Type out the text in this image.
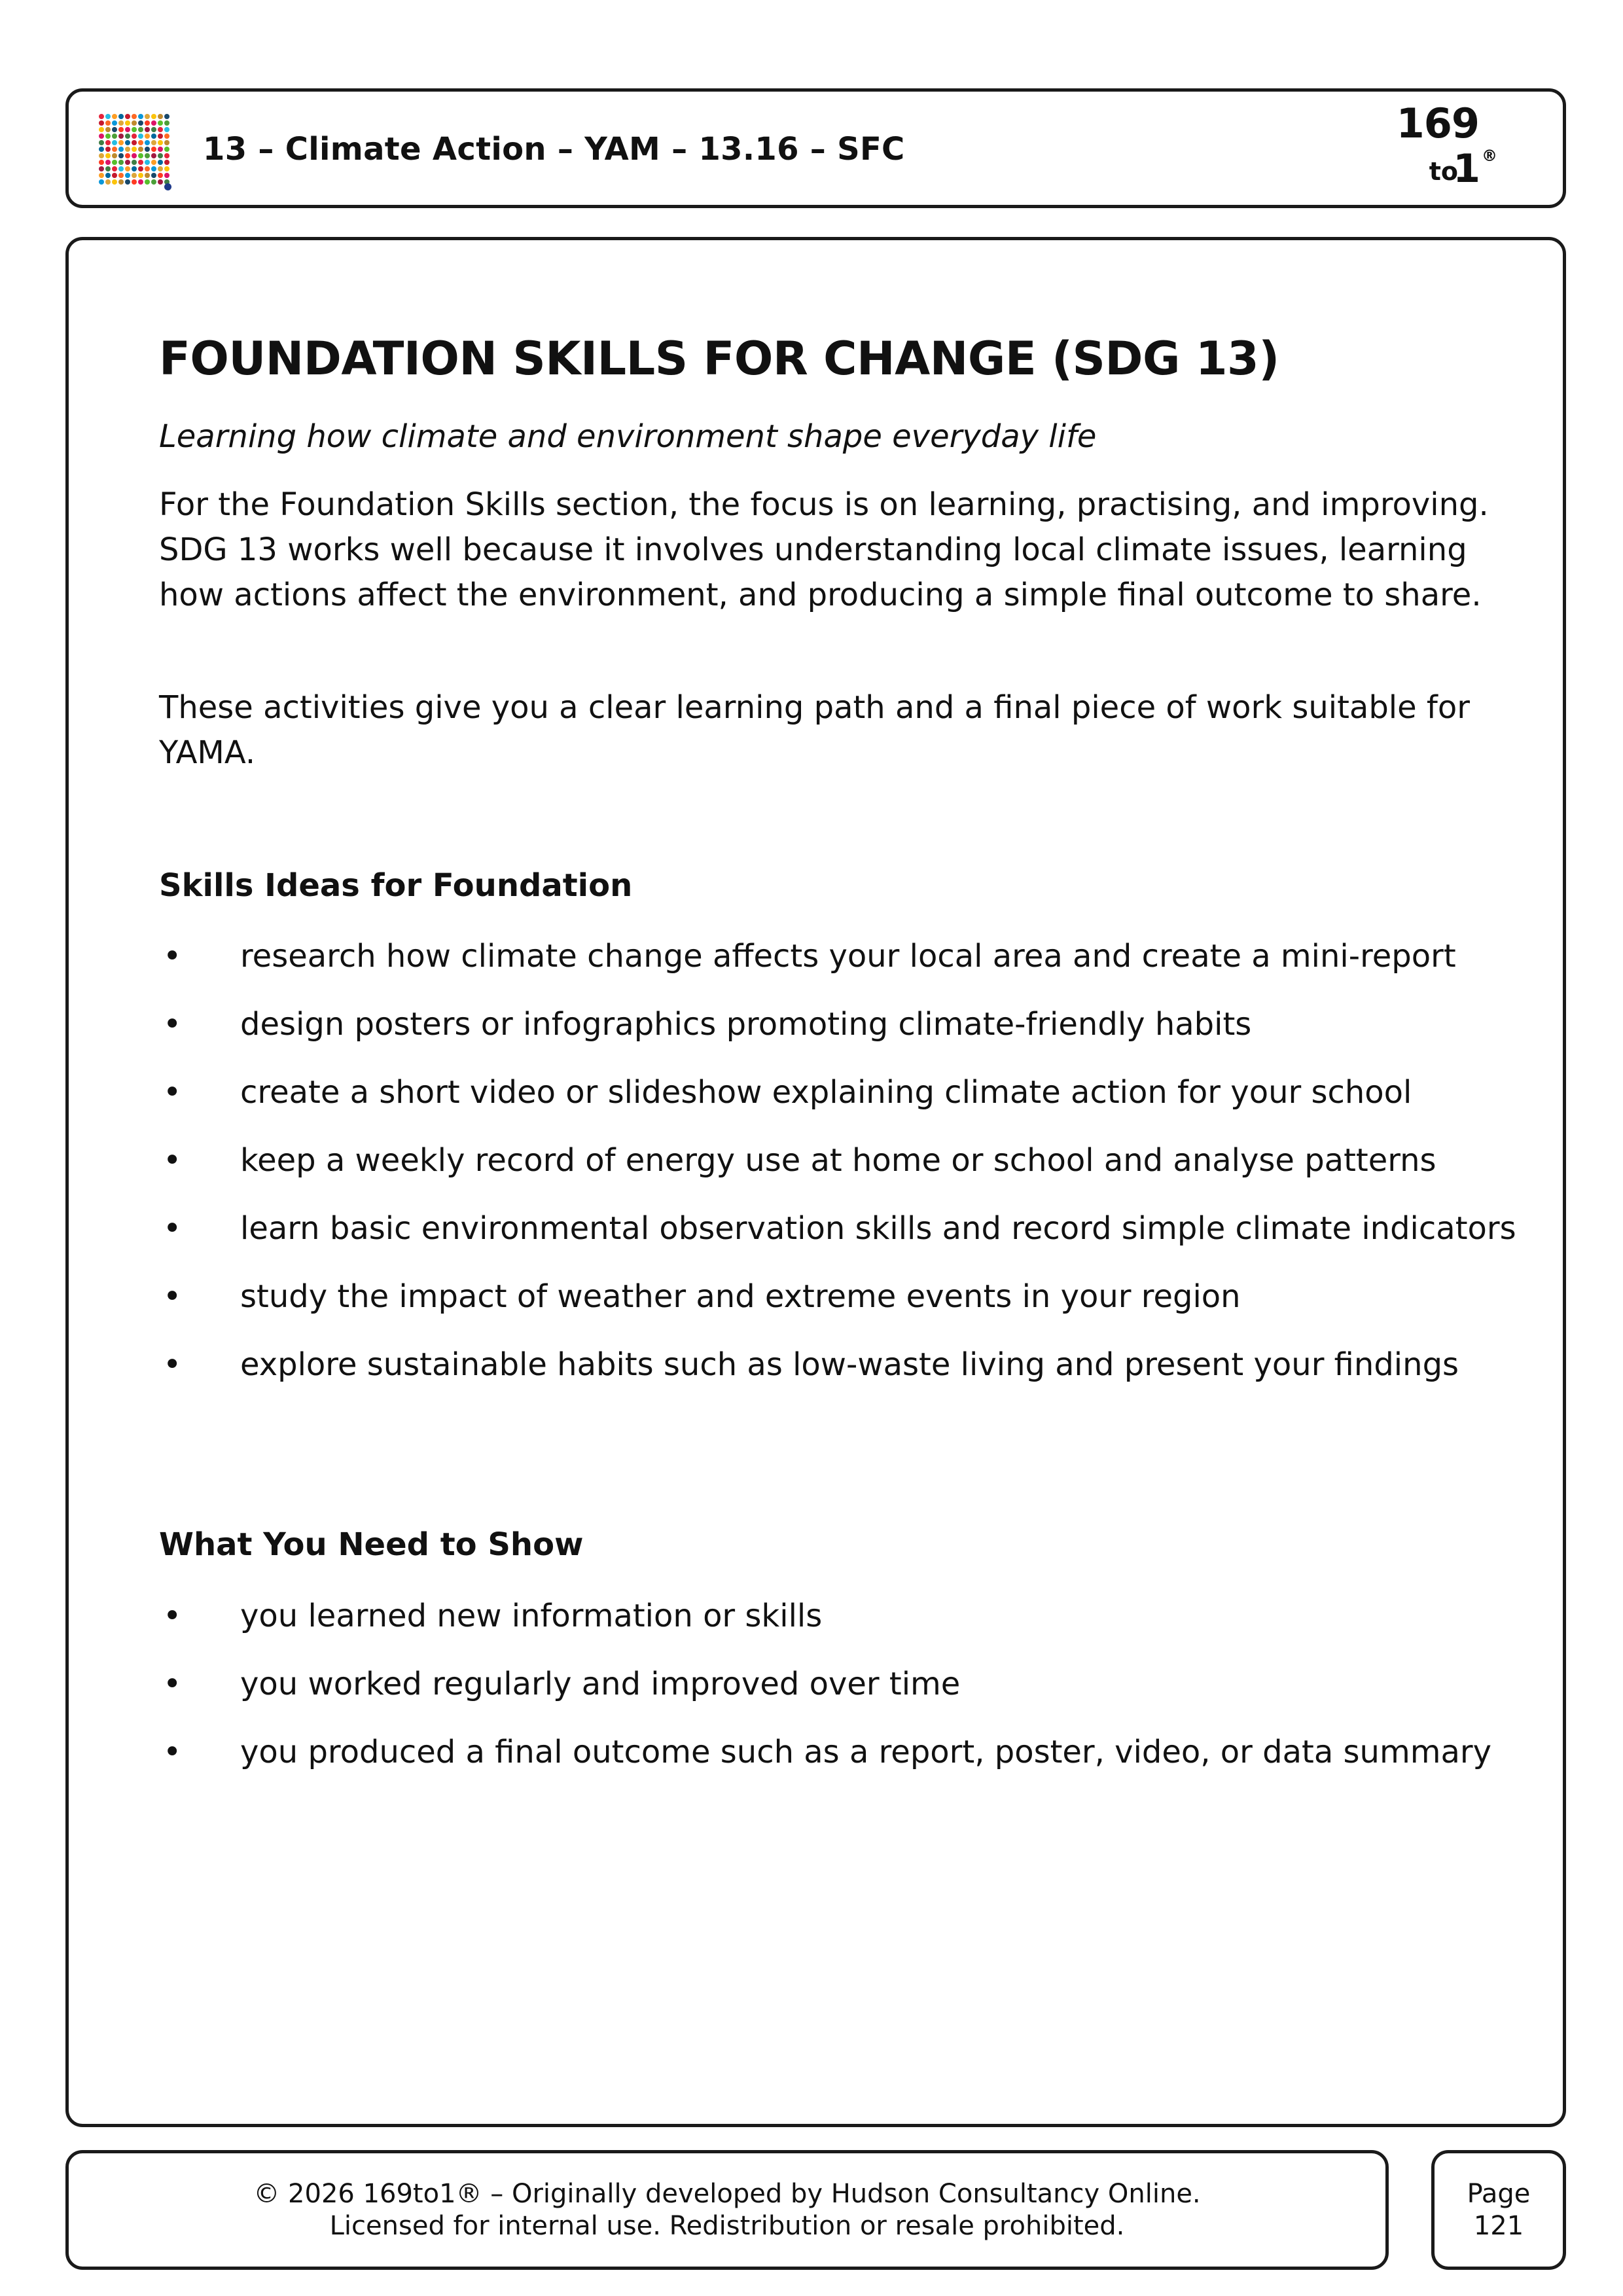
13 – Climate Action – YAM – 13.16 – SFC
169
to
1®
FOUNDATION SKILLS FOR CHANGE (SDG 13)
Learning how climate and environment shape everyday life

For the Foundation Skills section, the focus is on learning, practising, and improving. SDG 13 works well because it involves understanding local climate issues, learning how actions affect the environment, and producing a simple final outcome to share.

These activities give you a clear learning path and a final piece of work suitable for YAMA.

Skills Ideas for Foundation
• research how climate change affects your local area and create a mini-report
• design posters or infographics promoting climate-friendly habits
• create a short video or slideshow explaining climate action for your school
• keep a weekly record of energy use at home or school and analyse patterns
• learn basic environmental observation skills and record simple climate indicators
• study the impact of weather and extreme events in your region
• explore sustainable habits such as low-waste living and present your findings
What You Need to Show
• you learned new information or skills
• you worked regularly and improved over time
• you produced a final outcome such as a report, poster, video, or data summary
© 2026 169to1® – Originally developed by Hudson Consultancy Online.
Licensed for internal use. Redistribution or resale prohibited.
Page
121
